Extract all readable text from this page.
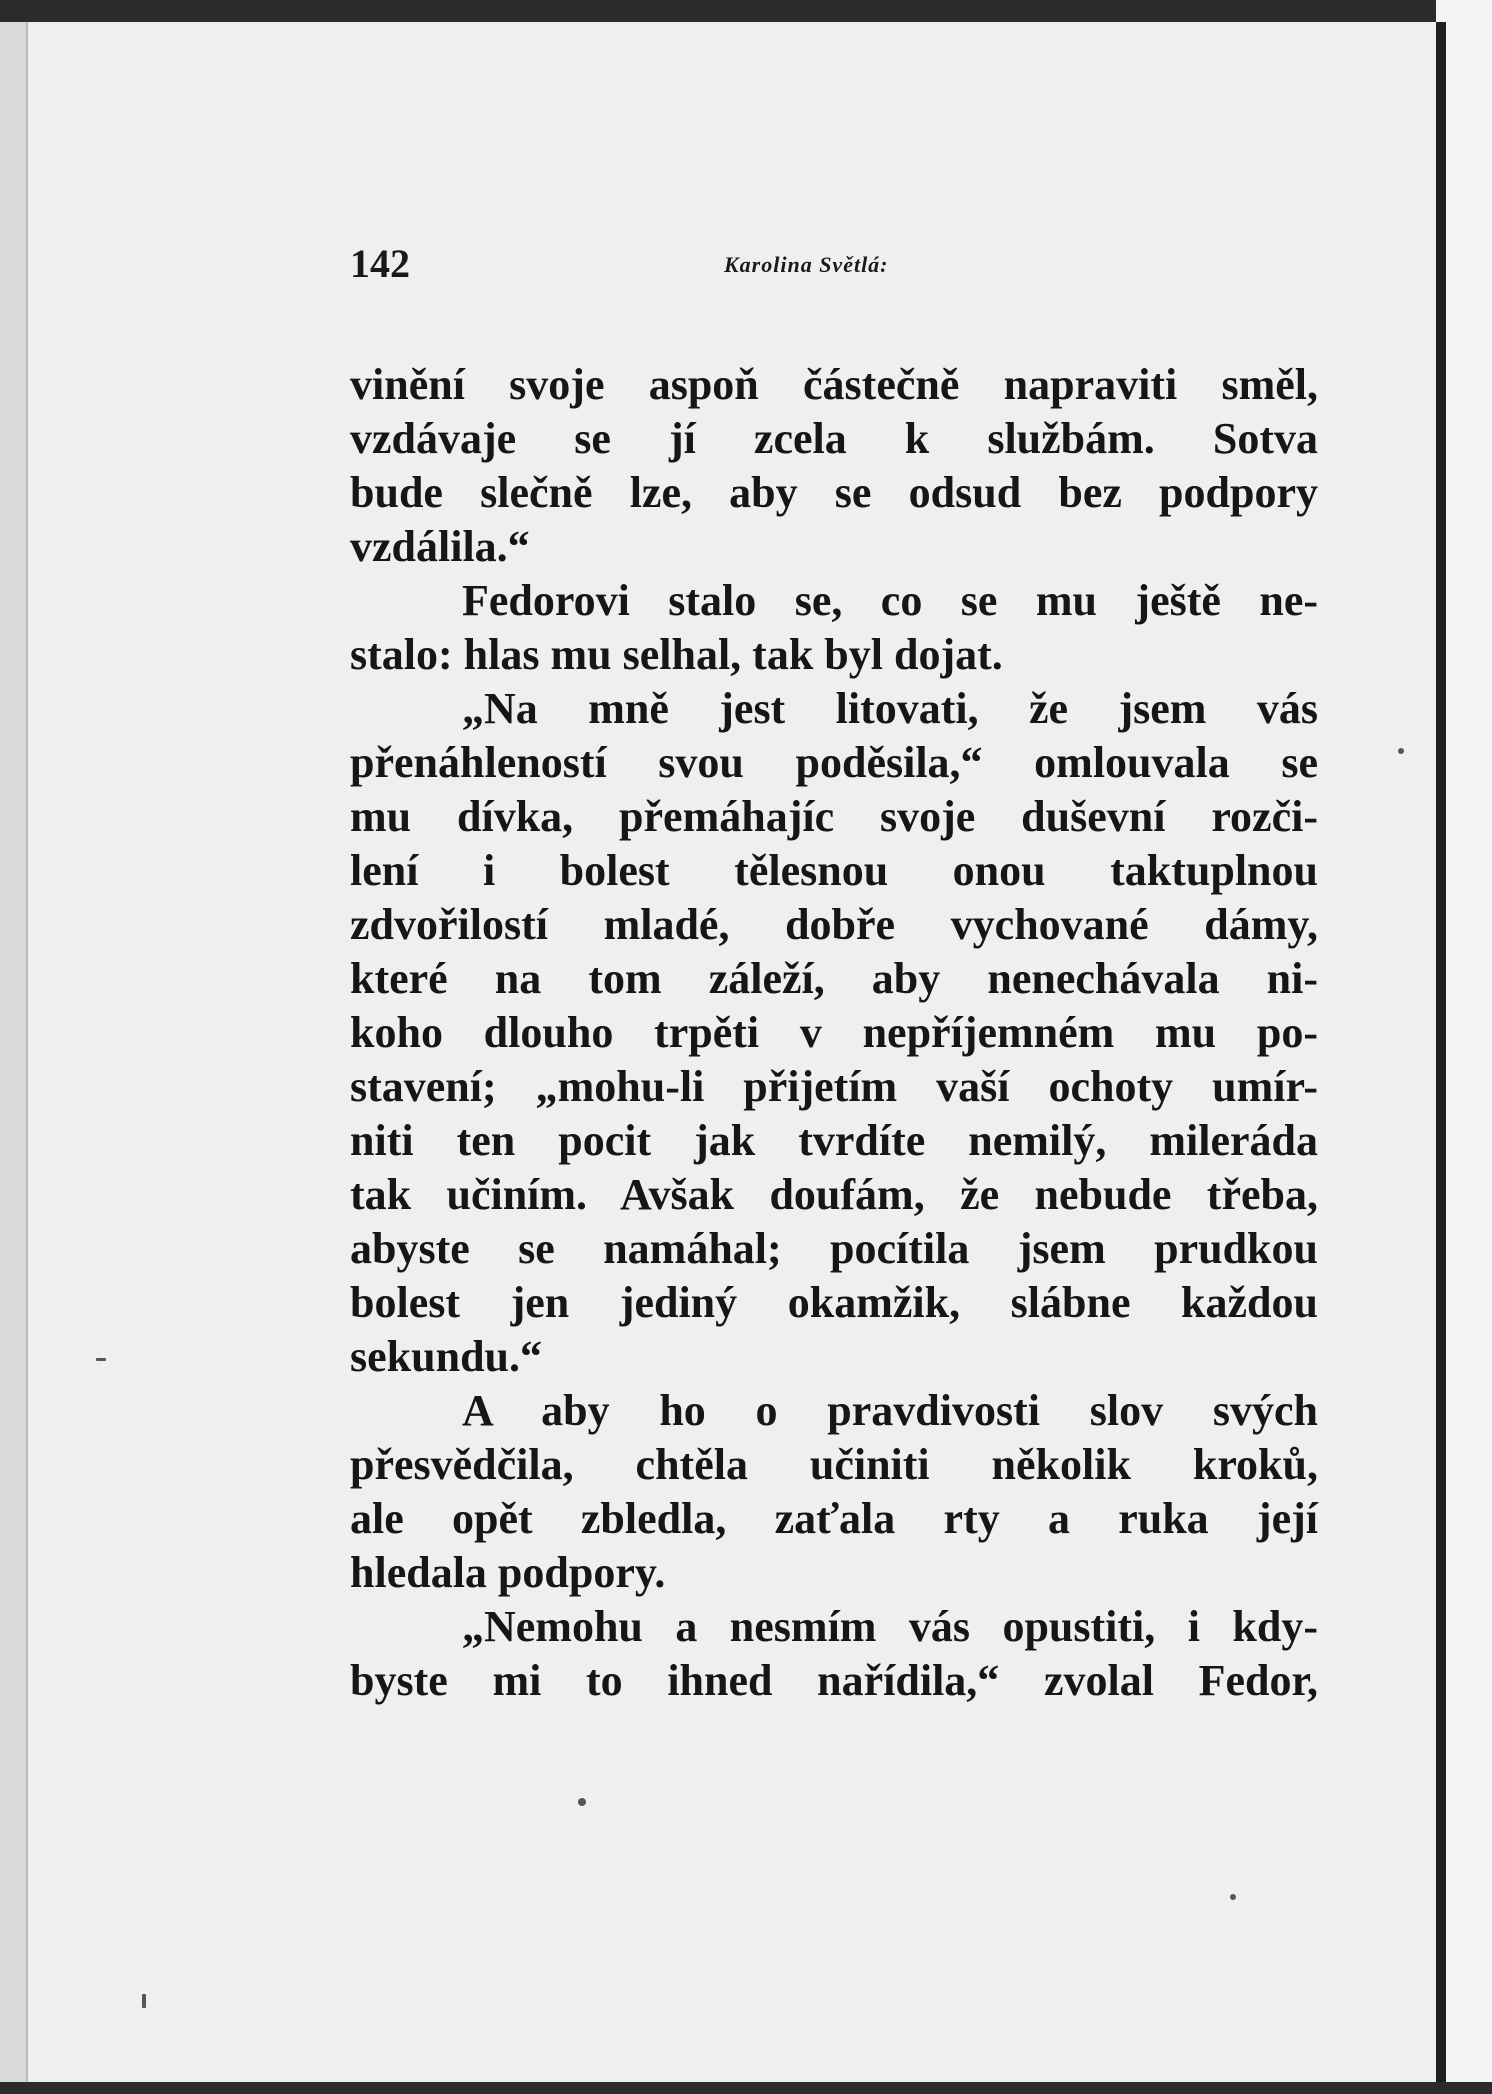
142	Karolina Světlá:
vinění svoje aspoň částečně napraviti směl,
vzdávaje se jí zcela k službám. Sotva
bude slečně lze, aby se odsud bez podpory
vzdálila.“
Fedorovi stalo se, co se mu ještě ne-
stalo: hlas mu selhal, tak byl dojat.
„Na mně jest litovati, že jsem vás
přenáhleností svou poděsila,“ omlouvala se
mu dívka, přemáhajíc svoje duševní rozči-
lení i bolest tělesnou onou taktuplnou
zdvořilostí mladé, dobře vychované dámy,
které na tom záleží, aby nenechávala ni-
koho dlouho trpěti v nepříjemném mu po-
stavení; „mohu-li přijetím vaší ochoty umír-
niti ten pocit jak tvrdíte nemilý, mileráda
tak učiním. Avšak doufám, že nebude třeba,
abyste se namáhal; pocítila jsem prudkou
bolest jen jediný okamžik, slábne každou
sekundu.“
A aby ho o pravdivosti slov svých
přesvědčila, chtěla učiniti několik kroků,
ale opět zbledla, zaťala rty a ruka její
hledala podpory.
„Nemohu a nesmím vás opustiti, i kdy-
byste mi to ihned nařídila,“ zvolal Fedor,
